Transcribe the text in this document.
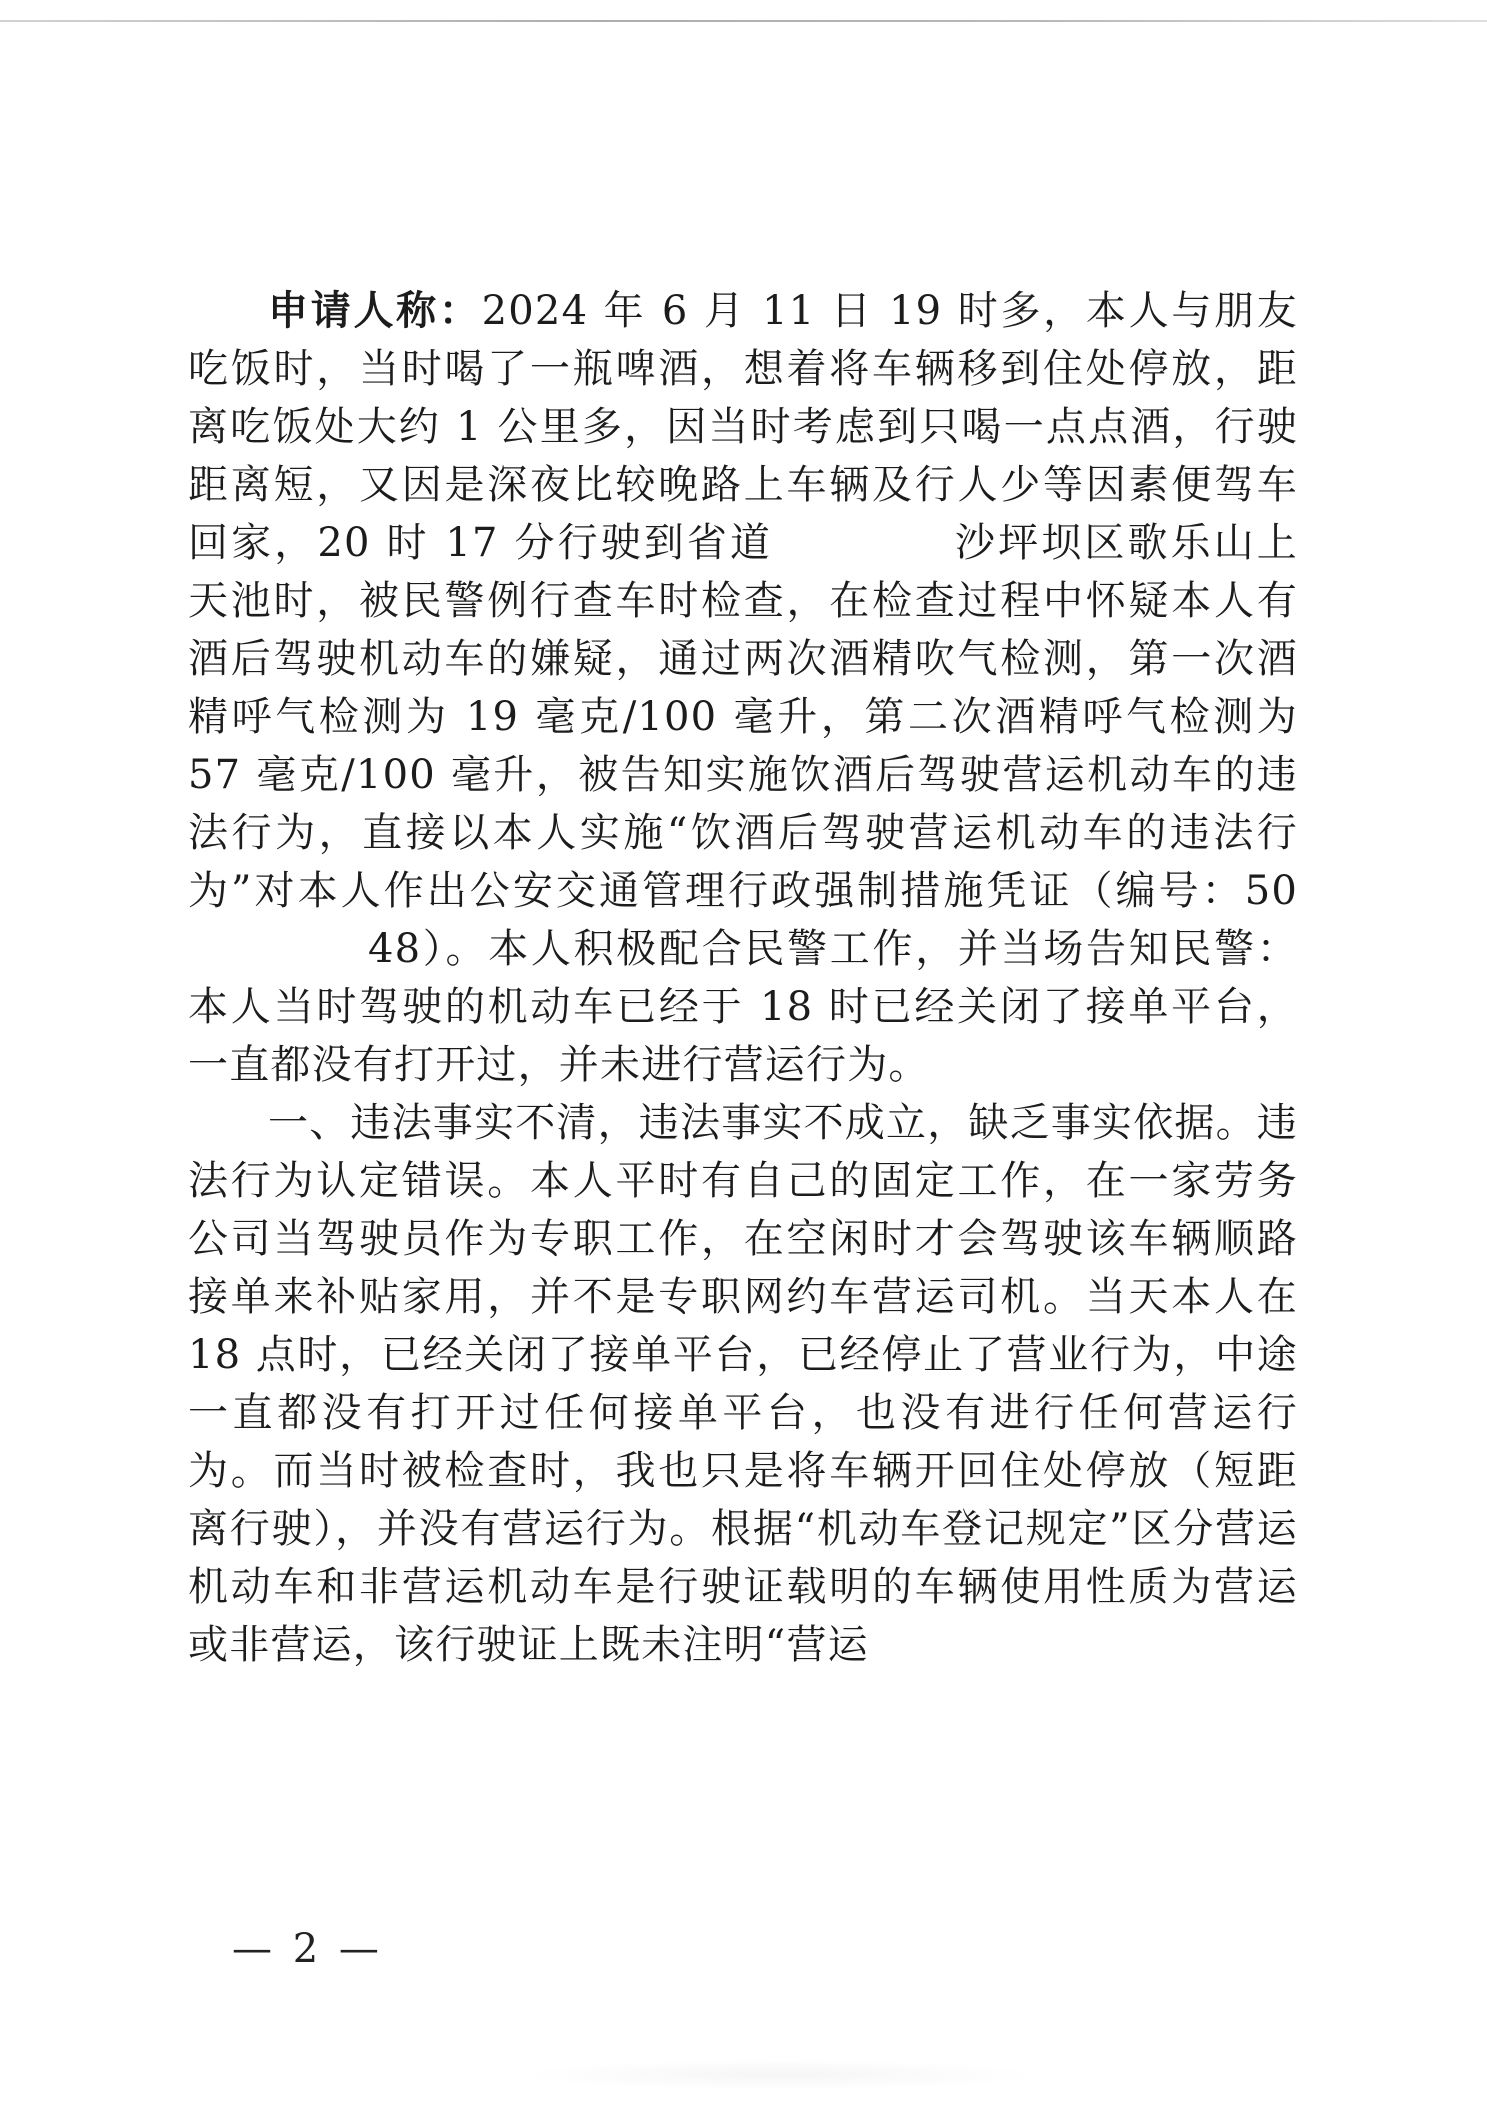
申请人称：2024 年 6 月 11 日 19 时多，本人与朋友吃饭时，当时喝了一瓶啤酒，想着将车辆移到住处停放，距离吃饭处大约 1 公里多，因当时考虑到只喝一点点酒，行驶距离短，又因是深夜比较晚路上车辆及行人少等因素便驾车回家，20 时 17 分行驶到省道	沙坪坝区歌乐山上天池时，被民警例行查车时检查，在检查过程中怀疑本人有酒后驾驶机动车的嫌疑，通过两次酒精吹气检测，第一次酒精呼气检测为 19 毫克/100 毫升，第二次酒精呼气检测为 57 毫克/100 毫升，被告知实施饮酒后驾驶营运机动车的违法行为，直接以本人实施“饮酒后驾驶营运机动车的违法行为”对本人作出公安交通管理行政强制措施凭证（编号：5048）。本人积极配合民警工作，并当场告知民警：本人当时驾驶的机动车已经于 18 时已经关闭了接单平台，一直都没有打开过，并未进行营运行为。

一、违法事实不清，违法事实不成立，缺乏事实依据。违法行为认定错误。本人平时有自己的固定工作，在一家劳务公司当驾驶员作为专职工作，在空闲时才会驾驶该车辆顺路接单来补贴家用，并不是专职网约车营运司机。当天本人在 18 点时，已经关闭了接单平台，已经停止了营业行为，中途一直都没有打开过任何接单平台，也没有进行任何营运行为。而当时被检查时，我也只是将车辆开回住处停放（短距离行驶），并没有营运行为。根据“机动车登记规定”区分营运机动车和非营运机动车是行驶证载明的车辆使用性质为营运或非营运，该行驶证上既未注明“营运

— 2 —
